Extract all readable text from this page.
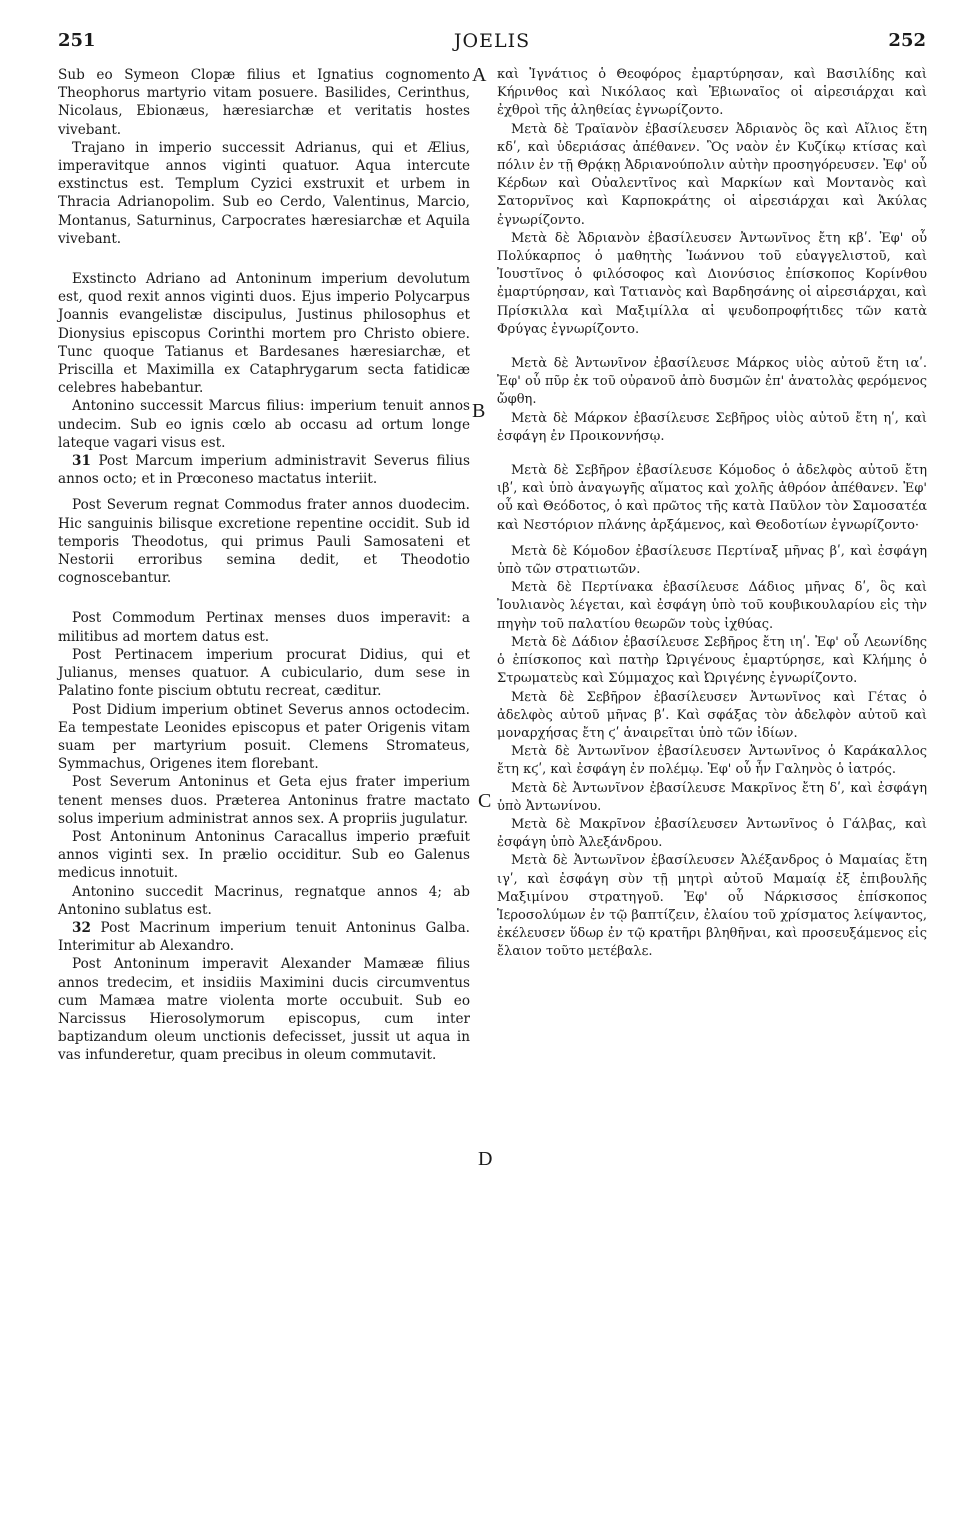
251	JOELIS	252
A
B
C
D

Sub eo Symeon Clopæ filius et Ignatius cognomento Theophorus martyrio vitam posuere. Basilides, Cerinthus, Nicolaus, Ebionæus, hæresiarchæ et veritatis hostes vivebant.

Trajano in imperio successit Adrianus, qui et Ælius, imperavitque annos viginti quatuor. Aqua intercute exstinctus est. Templum Cyzici exstruxit et urbem in Thracia Adrianopolim. Sub eo Cerdo, Valentinus, Marcio, Montanus, Saturninus, Carpocrates hæresiarchæ et Aquila vivebant.

Exstincto Adriano ad Antoninum imperium devolutum est, quod rexit annos viginti duos. Ejus imperio Polycarpus Joannis evangelistæ discipulus, Justinus philosophus et Dionysius episcopus Corinthi mortem pro Christo obiere. Tunc quoque Tatianus et Bardesanes hæresiarchæ, et Priscilla et Maximilla ex Cataphrygarum secta fatidicæ celebres habebantur.

Antonino successit Marcus filius: imperium tenuit annos undecim. Sub eo ignis cœlo ab occasu ad ortum longe lateque vagari visus est.

31 Post Marcum imperium administravit Severus filius annos octo; et in Prœconeso mactatus interiit.

Post Severum regnat Commodus frater annos duodecim. Hic sanguinis bilisque excretione repentine occidit. Sub id temporis Theodotus, qui primus Pauli Samosateni et Nestorii erroribus semina dedit, et Theodotio cognoscebantur.

Post Commodum Pertinax menses duos imperavit: a militibus ad mortem datus est.

Post Pertinacem imperium procurat Didius, qui et Julianus, menses quatuor. A cubiculario, dum sese in Palatino fonte piscium obtutu recreat, cæditur.

Post Didium imperium obtinet Severus annos octodecim. Ea tempestate Leonides episcopus et pater Origenis vitam suam per martyrium posuit. Clemens Stromateus, Symmachus, Origenes item florebant.

Post Severum Antoninus et Geta ejus frater imperium tenent menses duos. Præterea Antoninus fratre mactato solus imperium administrat annos sex. A propriis jugulatur.

Post Antoninum Antoninus Caracallus imperio præfuit annos viginti sex. In prælio occiditur. Sub eo Galenus medicus innotuit.

Antonino succedit Macrinus, regnatque annos 4; ab Antonino sublatus est.

32 Post Macrinum imperium tenuit Antoninus Galba. Interimitur ab Alexandro.

Post Antoninum imperavit Alexander Mamææ filius annos tredecim, et insidiis Maximini ducis circumventus cum Mamæa matre violenta morte occubuit. Sub eo Narcissus Hierosolymorum episcopus, cum inter baptizandum oleum unctionis defecisset, jussit ut aqua in vas infunderetur, quam precibus in oleum commutavit.

καὶ Ἰγνάτιος ὁ Θεοφόρος ἐμαρτύρησαν, καὶ Βασιλίδης καὶ Κήρινθος καὶ Νικόλαος καὶ Ἐβιωναῖος οἱ αἱρεσιάρχαι καὶ ἐχθροὶ τῆς ἀληθείας ἐγνωρίζοντο.

Μετὰ δὲ Τραϊανὸν ἐβασίλευσεν Ἀδριανὸς ὃς καὶ Αἴλιος ἔτη κδʹ, καὶ ὑδεριάσας ἀπέθανεν. Ὃς ναὸν ἐν Κυζίκῳ κτίσας καὶ πόλιν ἐν τῇ Θρᾴκῃ Ἀδριανούπολιν αὐτὴν προσηγόρευσεν. Ἐφ' οὗ Κέρδων καὶ Οὐαλεντῖνος καὶ Μαρκίων καὶ Μοντανὸς καὶ Σατορνῖνος καὶ Καρποκράτης οἱ αἱρεσιάρχαι καὶ Ἀκύλας ἐγνωρίζοντο.

Μετὰ δὲ Ἀδριανὸν ἐβασίλευσεν Ἀντωνῖνος ἔτη κβʹ. Ἐφ' οὗ Πολύκαρπος ὁ μαθητὴς Ἰωάννου τοῦ εὐαγγελιστοῦ, καὶ Ἰουστῖνος ὁ φιλόσοφος καὶ Διονύσιος ἐπίσκοπος Κορίνθου ἐμαρτύρησαν, καὶ Τατιανὸς καὶ Βαρδησάνης οἱ αἱρεσιάρχαι, καὶ Πρίσκιλλα καὶ Μαξιμίλλα αἱ ψευδοπροφήτιδες τῶν κατὰ Φρύγας ἐγνωρίζοντο.

Μετὰ δὲ Ἀντωνῖνον ἐβασίλευσε Μάρκος υἱὸς αὐτοῦ ἔτη ιαʹ. Ἐφ' οὗ πῦρ ἐκ τοῦ οὐρανοῦ ἀπὸ δυσμῶν ἐπ' ἀνατολὰς φερόμενος ὤφθη.

Μετὰ δὲ Μάρκον ἐβασίλευσε Σεβῆρος υἱὸς αὐτοῦ ἔτη ηʹ, καὶ ἐσφάγη ἐν Προικοννήσῳ.

Μετὰ δὲ Σεβῆρον ἐβασίλευσε Κόμοδος ὁ ἀδελφὸς αὐτοῦ ἔτη ιβʹ, καὶ ὑπὸ ἀναγωγῆς αἵματος καὶ χολῆς ἀθρόον ἀπέθανεν. Ἐφ' οὗ καὶ Θεόδοτος, ὁ καὶ πρῶτος τῆς κατὰ Παῦλον τὸν Σαμοσατέα καὶ Νεστόριον πλάνης ἀρξάμενος, καὶ Θεοδοτίων ἐγνωρίζοντο·

Μετὰ δὲ Κόμοδον ἐβασίλευσε Περτίναξ μῆνας βʹ, καὶ ἐσφάγη ὑπὸ τῶν στρατιωτῶν.

Μετὰ δὲ Περτίνακα ἐβασίλευσε Δάδιος μῆνας δʹ, ὃς καὶ Ἰουλιανὸς λέγεται, καὶ ἐσφάγη ὑπὸ τοῦ κουβικουλαρίου εἰς τὴν πηγὴν τοῦ παλατίου θεωρῶν τοὺς ἰχθύας.

Μετὰ δὲ Δάδιον ἐβασίλευσε Σεβῆρος ἔτη ιηʹ. Ἐφ' οὗ Λεωνίδης ὁ ἐπίσκοπος καὶ πατὴρ Ὠριγένους ἐμαρτύρησε, καὶ Κλήμης ὁ Στρωματεὺς καὶ Σύμμαχος καὶ Ὠριγένης ἐγνωρίζοντο.

Μετὰ δὲ Σεβῆρον ἐβασίλευσεν Ἀντωνῖνος καὶ Γέτας ὁ ἀδελφὸς αὐτοῦ μῆνας βʹ. Καὶ σφάξας τὸν ἀδελφὸν αὐτοῦ καὶ μοναρχήσας ἔτη ϛʹ ἀναιρεῖται ὑπὸ τῶν ἰδίων.

Μετὰ δὲ Ἀντωνῖνον ἐβασίλευσεν Ἀντωνῖνος ὁ Καράκαλλος ἔτη κϛʹ, καὶ ἐσφάγη ἐν πολέμῳ. Ἐφ' οὗ ἦν Γαληνὸς ὁ ἰατρός.

Μετὰ δὲ Ἀντωνῖνον ἐβασίλευσε Μακρῖνος ἔτη δʹ, καὶ ἐσφάγη ὑπὸ Ἀντωνίνου.

Μετὰ δὲ Μακρῖνον ἐβασίλευσεν Ἀντωνῖνος ὁ Γάλβας, καὶ ἐσφάγη ὑπὸ Ἀλεξάνδρου.

Μετὰ δὲ Ἀντωνῖνον ἐβασίλευσεν Ἀλέξανδρος ὁ Μαμαίας ἔτη ιγʹ, καὶ ἐσφάγη σὺν τῇ μητρὶ αὐτοῦ Μαμαίᾳ ἐξ ἐπιβουλῆς Μαξιμίνου στρατηγοῦ. Ἐφ' οὗ Νάρκισσος ἐπίσκοπος Ἱεροσολύμων ἐν τῷ βαπτίζειν, ἐλαίου τοῦ χρίσματος λείψαντος, ἐκέλευσεν ὕδωρ ἐν τῷ κρατῆρι βληθῆναι, καὶ προσευξάμενος εἰς ἔλαιον τοῦτο μετέβαλε.
